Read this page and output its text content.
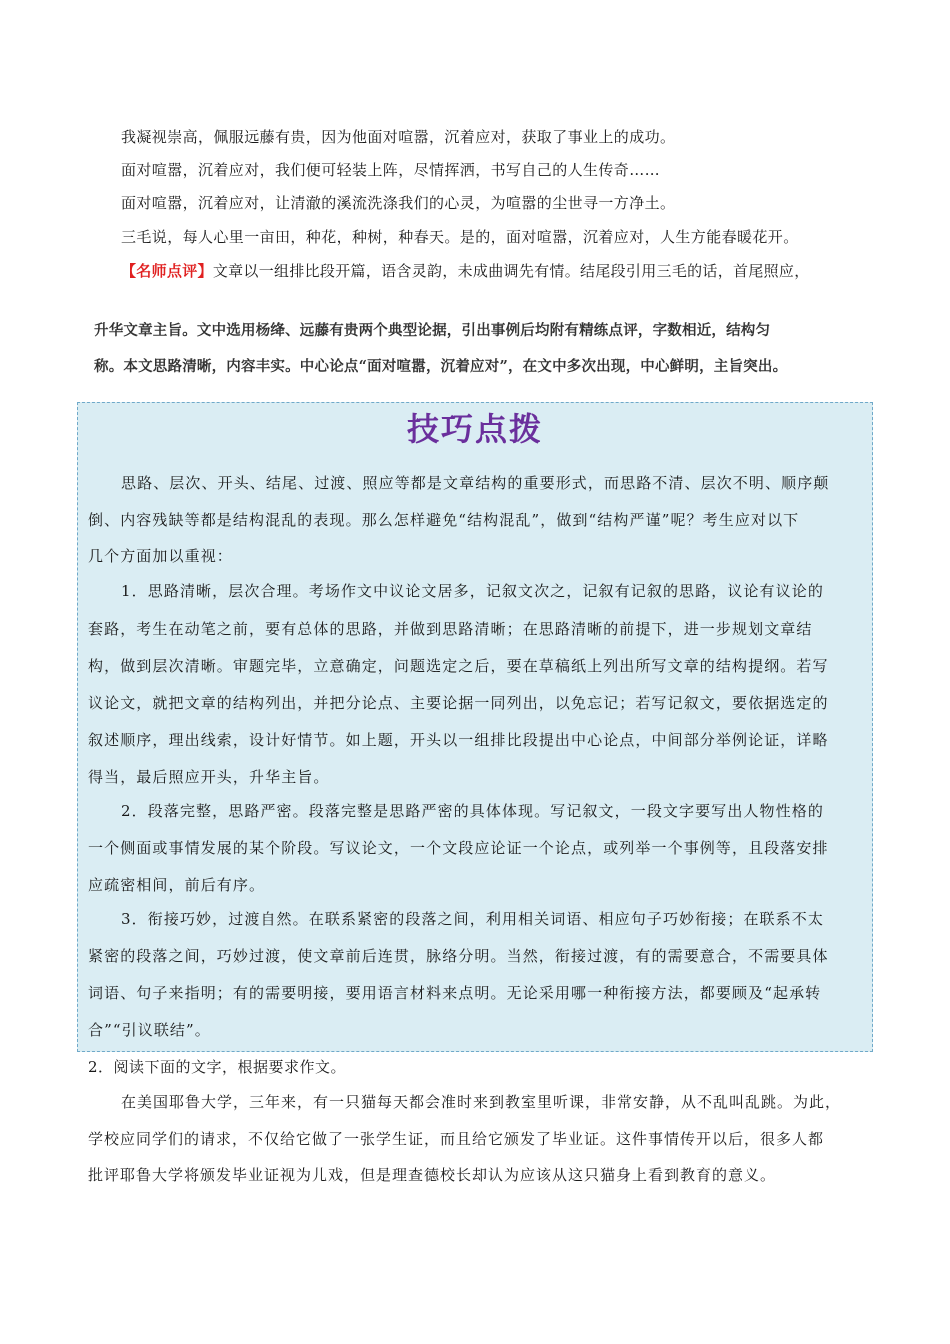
我凝视崇高，佩服远藤有贵，因为他面对喧嚣，沉着应对，获取了事业上的成功。
面对喧嚣，沉着应对，我们便可轻装上阵，尽情挥洒，书写自己的人生传奇……
面对喧嚣，沉着应对，让清澈的溪流洗涤我们的心灵，为喧嚣的尘世寻一方净土。
三毛说，每人心里一亩田，种花，种树，种春天。是的，面对喧嚣，沉着应对，人生方能春暖花开。
【名师点评】文章以一组排比段开篇，语含灵韵，未成曲调先有情。结尾段引用三毛的话，首尾照应，
升华文章主旨。文中选用杨绛、远藤有贵两个典型论据，引出事例后均附有精练点评，字数相近，结构匀
称。本文思路清晰，内容丰实。中心论点“面对喧嚣，沉着应对”，在文中多次出现，中心鲜明，主旨突出。
技巧点拨
思路、层次、开头、结尾、过渡、照应等都是文章结构的重要形式，而思路不清、层次不明、顺序颠
倒、内容残缺等都是结构混乱的表现。那么怎样避免“结构混乱”，做到“结构严谨”呢？考生应对以下
几个方面加以重视：
1．思路清晰，层次合理。考场作文中议论文居多，记叙文次之，记叙有记叙的思路，议论有议论的
套路，考生在动笔之前，要有总体的思路，并做到思路清晰；在思路清晰的前提下，进一步规划文章结
构，做到层次清晰。审题完毕，立意确定，问题选定之后，要在草稿纸上列出所写文章的结构提纲。若写
议论文，就把文章的结构列出，并把分论点、主要论据一同列出，以免忘记；若写记叙文，要依据选定的
叙述顺序，理出线索，设计好情节。如上题，开头以一组排比段提出中心论点，中间部分举例论证，详略
得当，最后照应开头，升华主旨。
2．段落完整，思路严密。段落完整是思路严密的具体体现。写记叙文，一段文字要写出人物性格的
一个侧面或事情发展的某个阶段。写议论文，一个文段应论证一个论点，或列举一个事例等，且段落安排
应疏密相间，前后有序。
3．衔接巧妙，过渡自然。在联系紧密的段落之间，利用相关词语、相应句子巧妙衔接；在联系不太
紧密的段落之间，巧妙过渡，使文章前后连贯，脉络分明。当然，衔接过渡，有的需要意合，不需要具体
词语、句子来指明；有的需要明接，要用语言材料来点明。无论采用哪一种衔接方法，都要顾及“起承转
合”“引议联结”。
2．阅读下面的文字，根据要求作文。
在美国耶鲁大学，三年来，有一只猫每天都会准时来到教室里听课，非常安静，从不乱叫乱跳。为此，
学校应同学们的请求，不仅给它做了一张学生证，而且给它颁发了毕业证。这件事情传开以后，很多人都
批评耶鲁大学将颁发毕业证视为儿戏，但是理查德校长却认为应该从这只猫身上看到教育的意义。
